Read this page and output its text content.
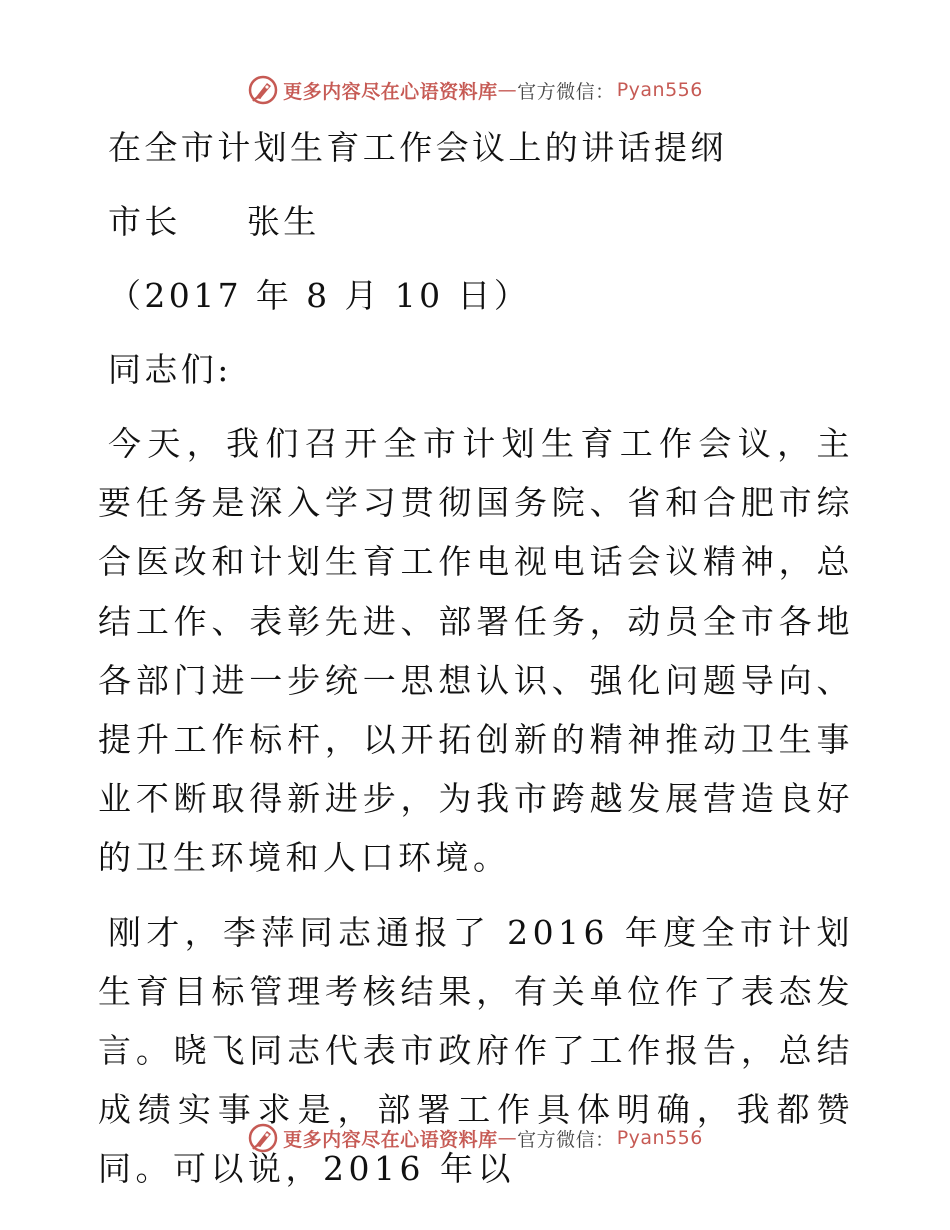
更多内容尽在心语资料库 — 官方微信： Pyan556

在全市计划生育工作会议上的讲话提纲

市长 张生

（2017 年 8 月 10 日）

同志们:

今天，我们召开全市计划生育工作会议，主要任务是深入学习贯彻国务院、省和合肥市综合医改和计划生育工作电视电话会议精神，总结工作、表彰先进、部署任务，动员全市各地各部门进一步统一思想认识、强化问题导向、提升工作标杆，以开拓创新的精神推动卫生事业不断取得新进步，为我市跨越发展营造良好的卫生环境和人口环境。

刚才，李萍同志通报了 2016 年度全市计划生育目标管理考核结果，有关单位作了表态发言。晓飞同志代表市政府作了工作报告，总结成绩实事求是，部署工作具体明确，我都赞同。可以说，2016 年以

更多内容尽在心语资料库 — 官方微信： Pyan556
